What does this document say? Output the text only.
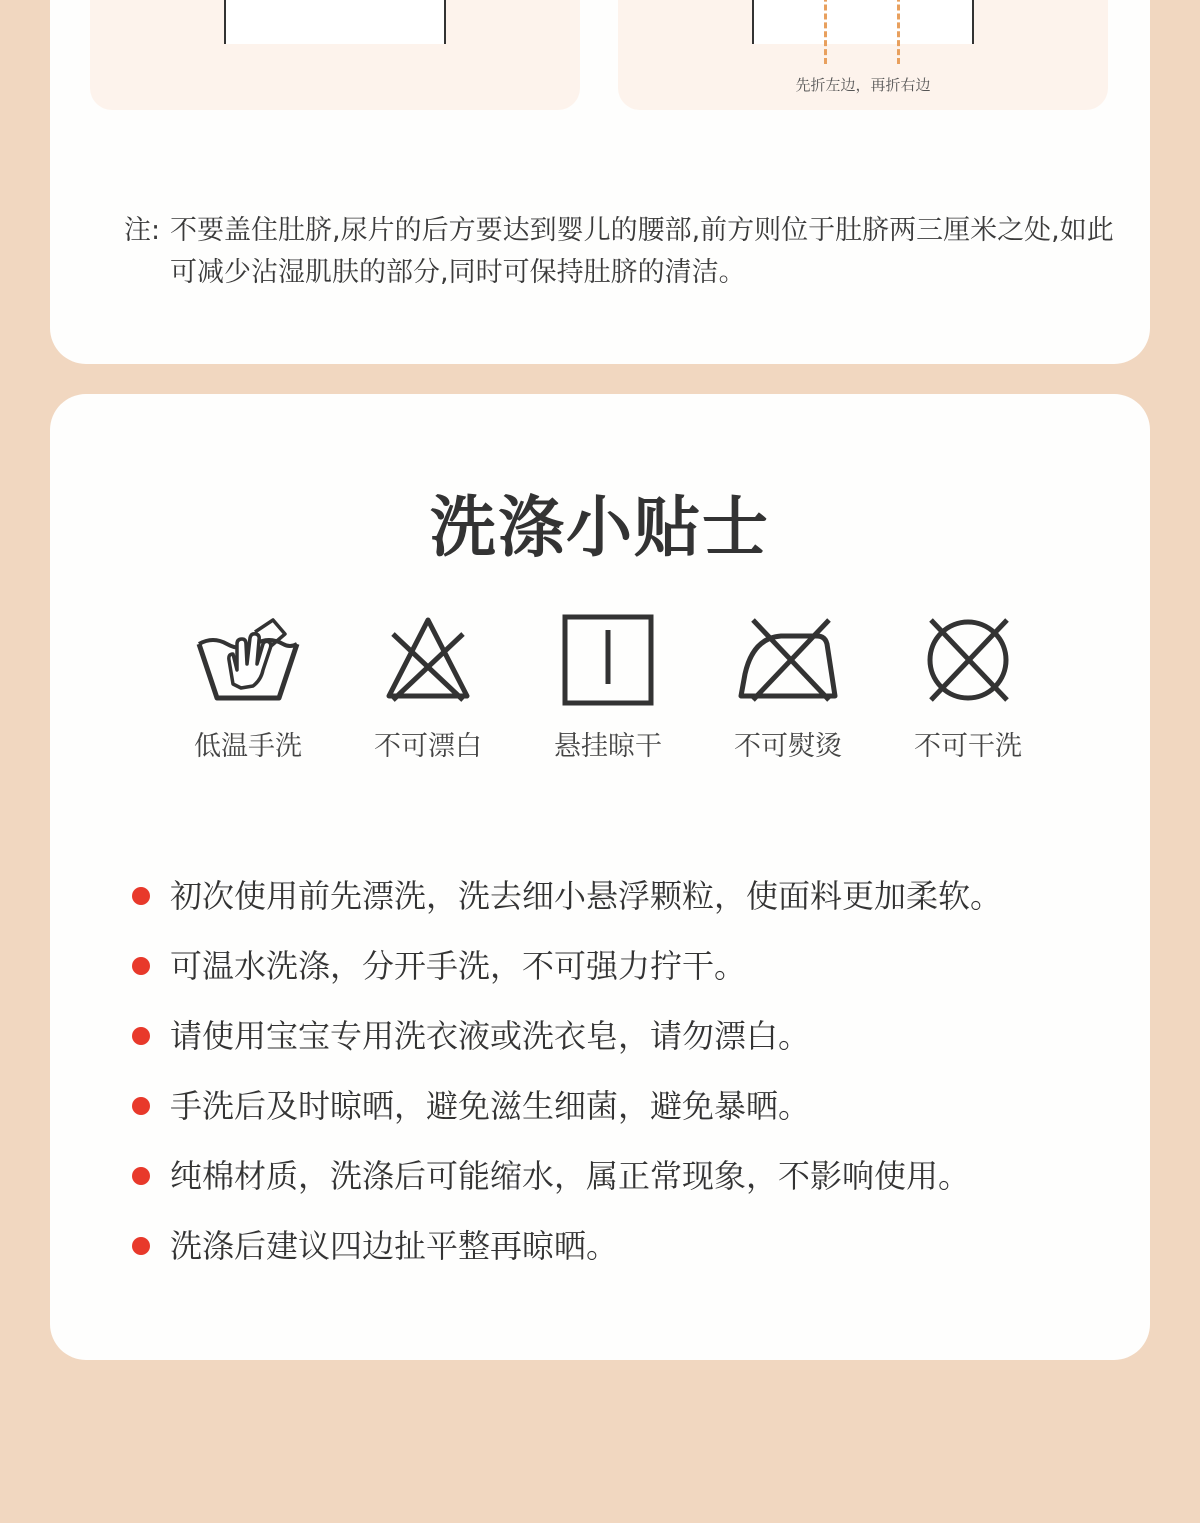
先折左边，再折右边
注: 不要盖住肚脐,尿片的后方要达到婴儿的腰部,前方则位于肚脐两三厘米之处,如此可减少沾湿肌肤的部分,同时可保持肚脐的清洁。
洗涤小贴士
低温手洗	不可漂白	悬挂晾干	不可熨烫	不可干洗
初次使用前先漂洗，洗去细小悬浮颗粒，使面料更加柔软。
可温水洗涤，分开手洗，不可强力拧干。
请使用宝宝专用洗衣液或洗衣皂，请勿漂白。
手洗后及时晾晒，避免滋生细菌，避免暴晒。
纯棉材质，洗涤后可能缩水，属正常现象，不影响使用。
洗涤后建议四边扯平整再晾晒。
